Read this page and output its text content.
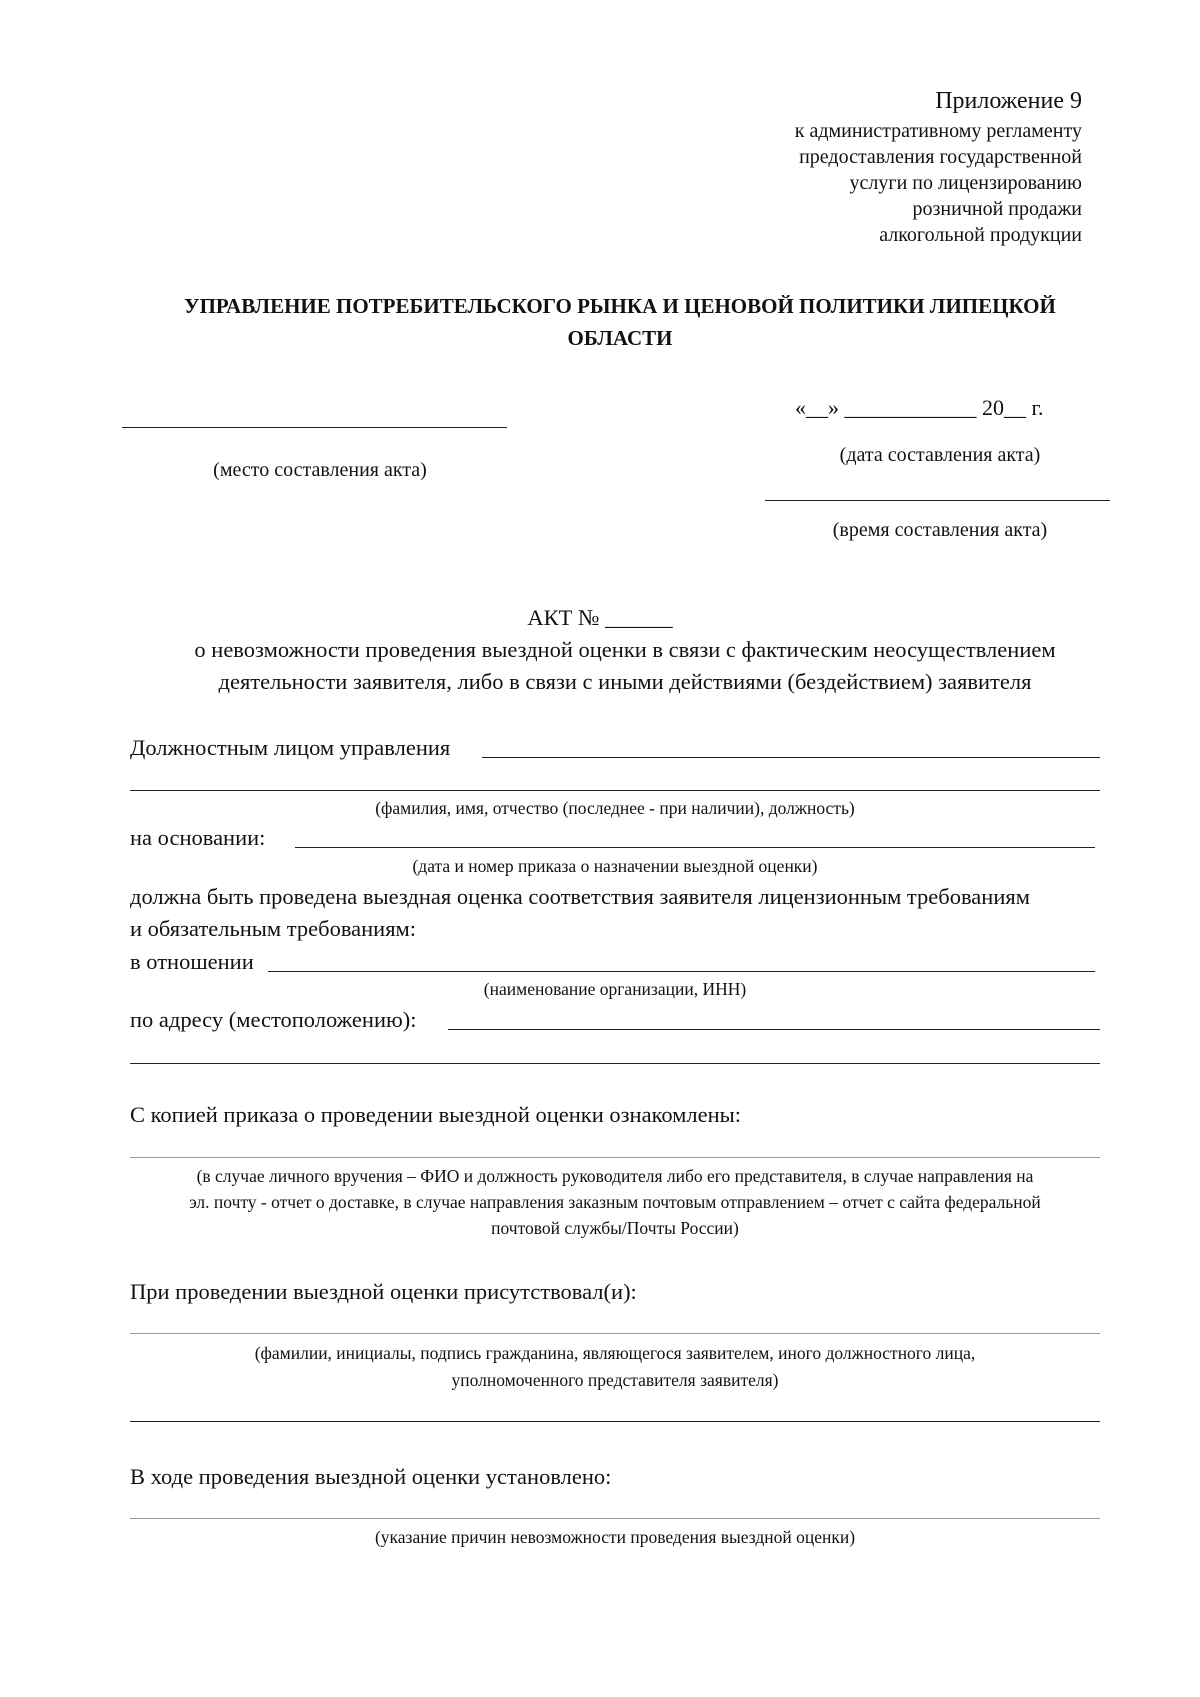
Приложение 9
к административному регламенту
предоставления государственной
услуги по лицензированию
розничной продажи
алкогольной продукции
УПРАВЛЕНИЕ ПОТРЕБИТЕЛЬСКОГО РЫНКА И ЦЕНОВОЙ ПОЛИТИКИ ЛИПЕЦКОЙ
ОБЛАСТИ
«__» ____________ 20__ г.
(место составления акта)
(дата составления акта)
(время составления акта)
АКТ № ______
о невозможности проведения выездной оценки в связи с фактическим неосуществлением
деятельности заявителя, либо в связи с иными действиями (бездействием) заявителя
Должностным лицом управления
(фамилия, имя, отчество (последнее - при наличии), должность)
на основании:
(дата и номер приказа о назначении выездной оценки)
должна быть проведена выездная оценка соответствия заявителя лицензионным требованиям
и обязательным требованиям:
в отношении
(наименование организации, ИНН)
по адресу (местоположению):
С копией приказа о проведении выездной оценки ознакомлены:
(в случае личного вручения – ФИО и должность руководителя либо его представителя, в случае направления на
эл. почту - отчет о доставке, в случае направления заказным почтовым отправлением – отчет с сайта федеральной
почтовой службы/Почты России)
При проведении выездной оценки присутствовал(и):
(фамилии, инициалы, подпись гражданина, являющегося заявителем, иного должностного лица,
уполномоченного представителя заявителя)
В ходе проведения выездной оценки установлено:
(указание причин невозможности проведения выездной оценки)
